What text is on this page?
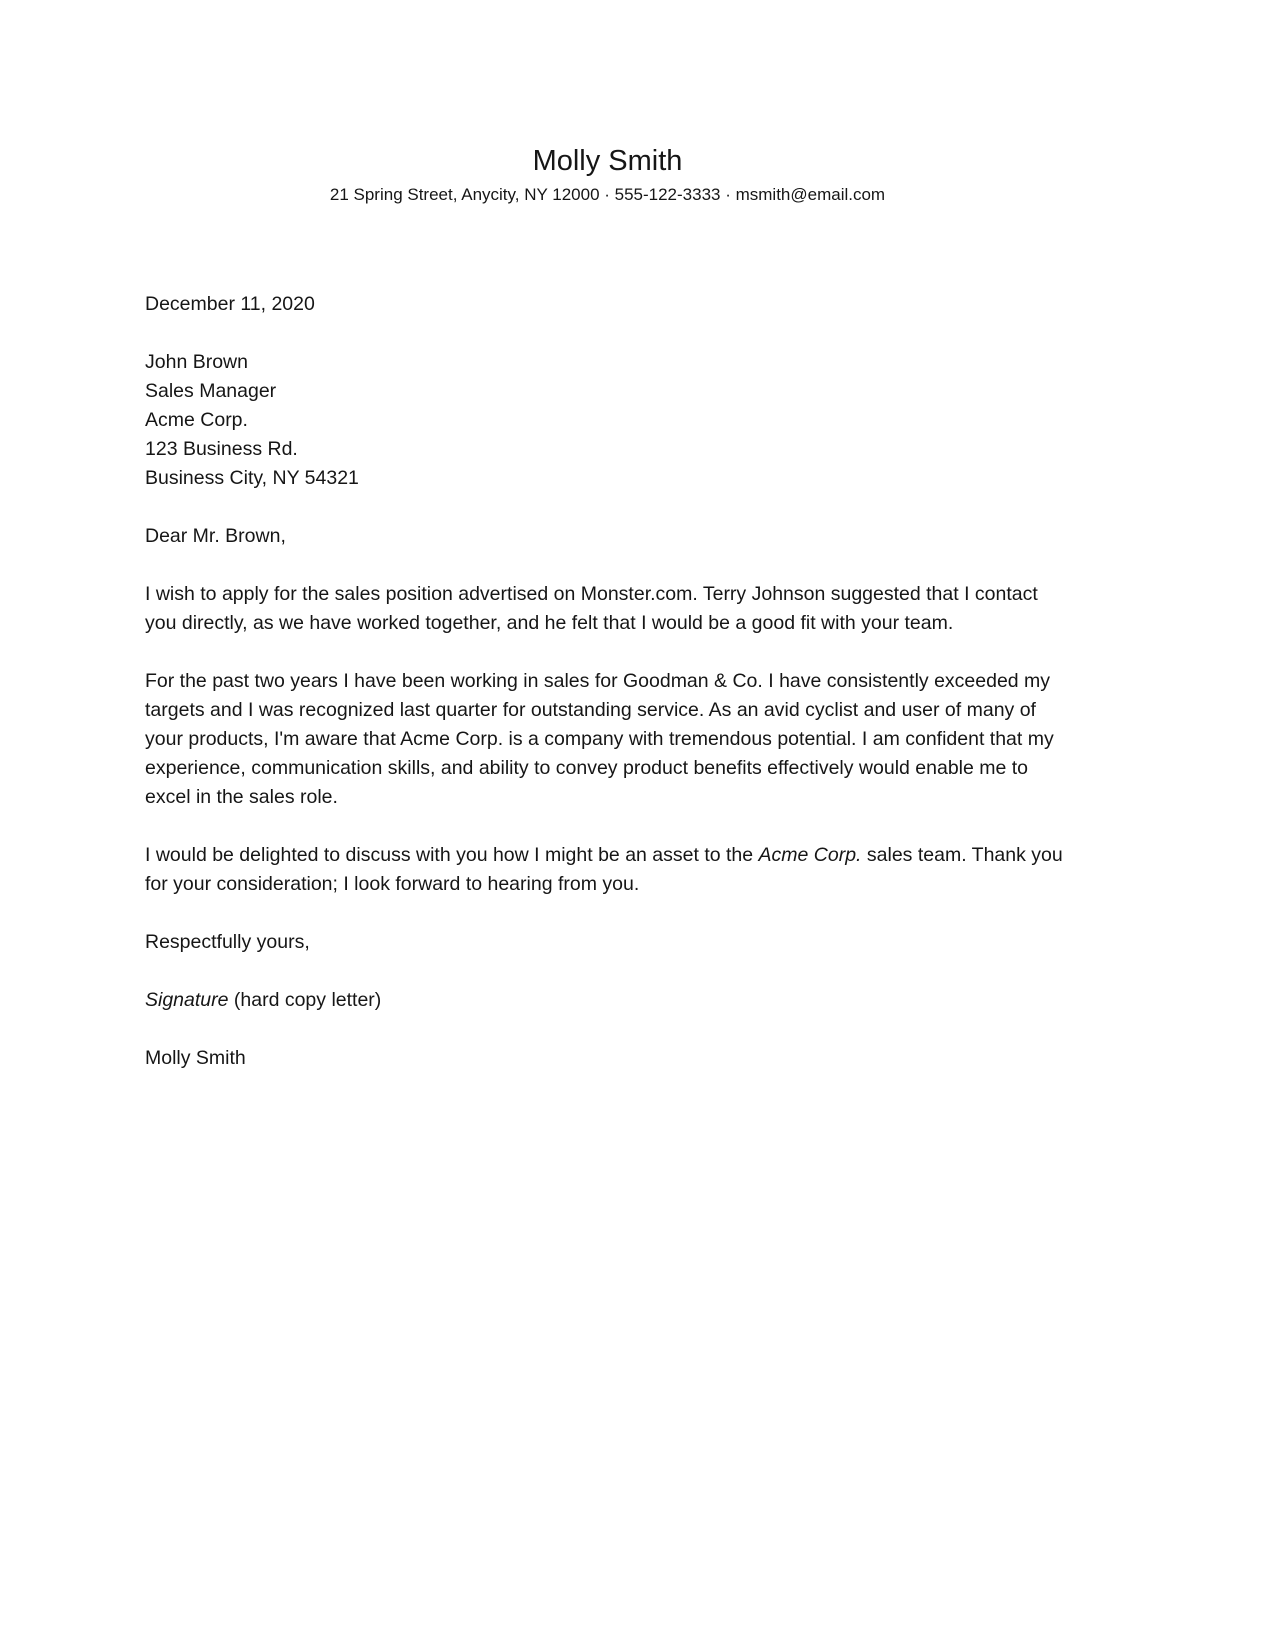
Molly Smith
21 Spring Street, Anycity, NY 12000 · 555-122-3333 · msmith@email.com

December 11, 2020

John Brown
Sales Manager
Acme Corp.
123 Business Rd.
Business City, NY 54321

Dear Mr. Brown,

I wish to apply for the sales position advertised on Monster.com. Terry Johnson suggested that I contact you directly, as we have worked together, and he felt that I would be a good fit with your team.

For the past two years I have been working in sales for Goodman & Co. I have consistently exceeded my targets and I was recognized last quarter for outstanding service. As an avid cyclist and user of many of your products, I'm aware that Acme Corp. is a company with tremendous potential. I am confident that my experience, communication skills, and ability to convey product benefits effectively would enable me to excel in the sales role.

I would be delighted to discuss with you how I might be an asset to the Acme Corp. sales team. Thank you for your consideration; I look forward to hearing from you.

Respectfully yours,

Signature (hard copy letter)

Molly Smith
